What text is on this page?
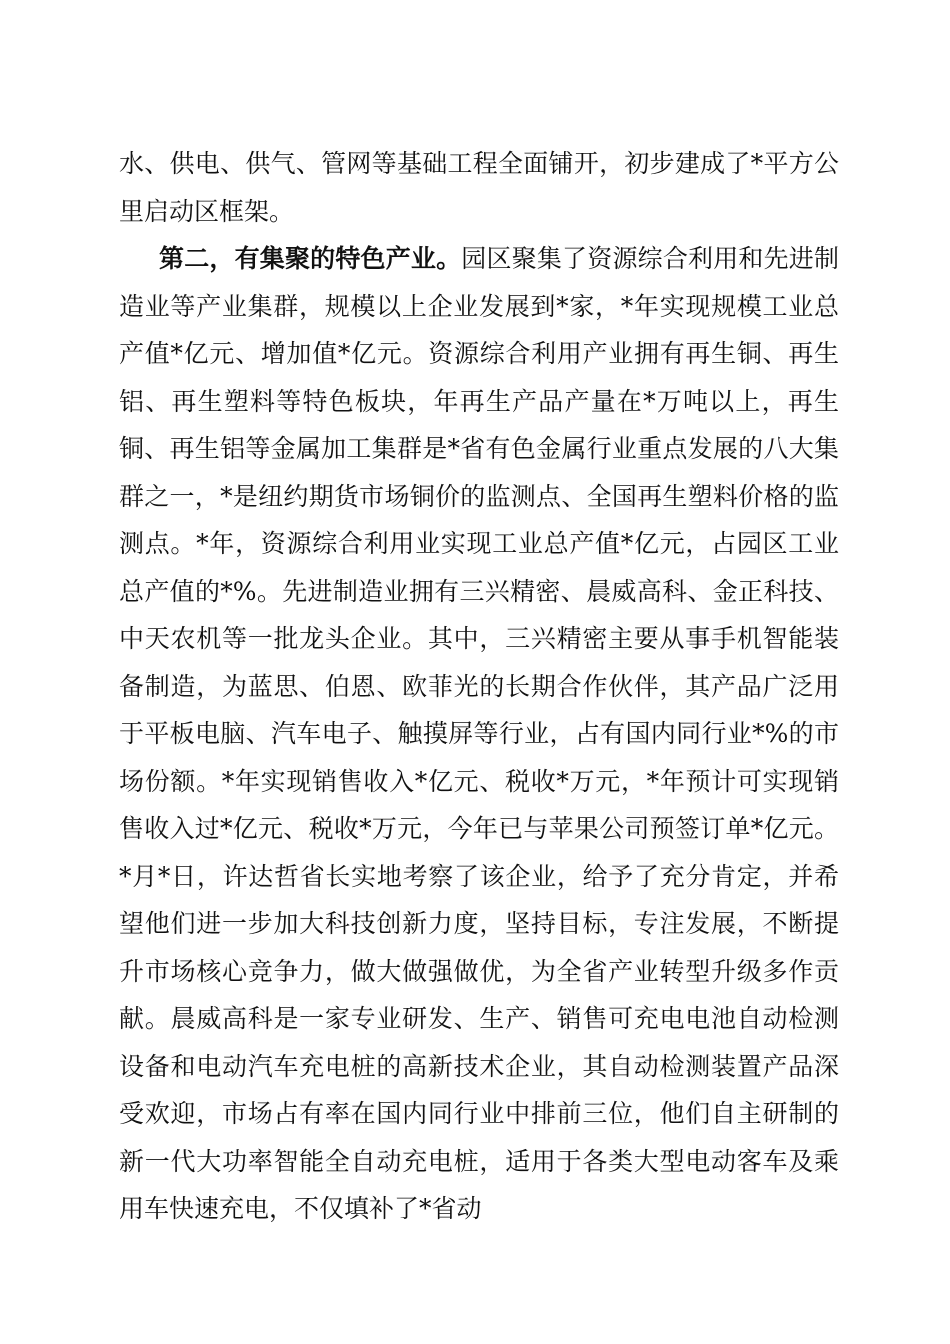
水、供电、供气、管网等基础工程全面铺开，初步建成了*平方公里启动区框架。

第二，有集聚的特色产业。园区聚集了资源综合利用和先进制造业等产业集群，规模以上企业发展到*家，*年实现规模工业总产值*亿元、增加值*亿元。资源综合利用产业拥有再生铜、再生铝、再生塑料等特色板块，年再生产品产量在*万吨以上，再生铜、再生铝等金属加工集群是*省有色金属行业重点发展的八大集群之一，*是纽约期货市场铜价的监测点、全国再生塑料价格的监测点。*年，资源综合利用业实现工业总产值*亿元，占园区工业总产值的*%。先进制造业拥有三兴精密、晨威高科、金正科技、中天农机等一批龙头企业。其中，三兴精密主要从事手机智能装备制造，为蓝思、伯恩、欧菲光的长期合作伙伴，其产品广泛用于平板电脑、汽车电子、触摸屏等行业，占有国内同行业*%的市场份额。*年实现销售收入*亿元、税收*万元，*年预计可实现销售收入过*亿元、税收*万元，今年已与苹果公司预签订单*亿元。*月*日，许达哲省长实地考察了该企业，给予了充分肯定，并希望他们进一步加大科技创新力度，坚持目标，专注发展，不断提升市场核心竞争力，做大做强做优，为全省产业转型升级多作贡献。晨威高科是一家专业研发、生产、销售可充电电池自动检测设备和电动汽车充电桩的高新技术企业，其自动检测装置产品深受欢迎，市场占有率在国内同行业中排前三位，他们自主研制的新一代大功率智能全自动充电桩，适用于各类大型电动客车及乘用车快速充电，不仅填补了*省动
